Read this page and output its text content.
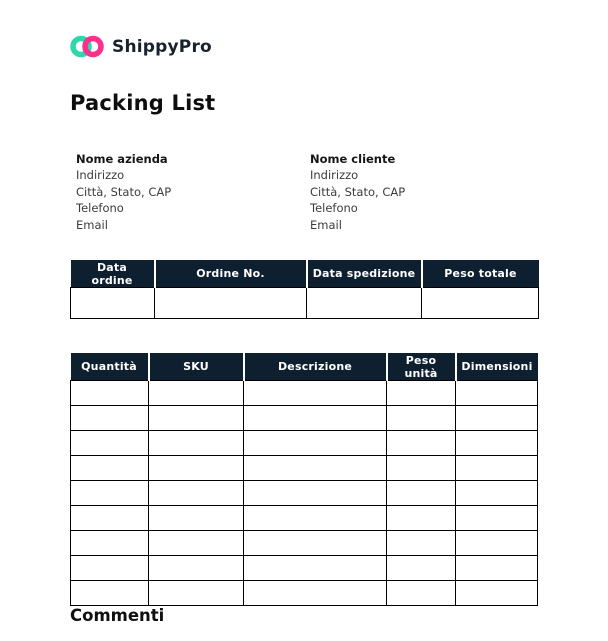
ShippyPro
Packing List
Nome azienda
Indirizzo
Città, Stato, CAP
Telefono
Email
Nome cliente
Indirizzo
Città, Stato, CAP
Telefono
Email
Data ordine	Ordine No.	Data spedizione	Peso totale

Quantità	SKU	Descrizione	Peso unità	Dimensioni

Commenti
